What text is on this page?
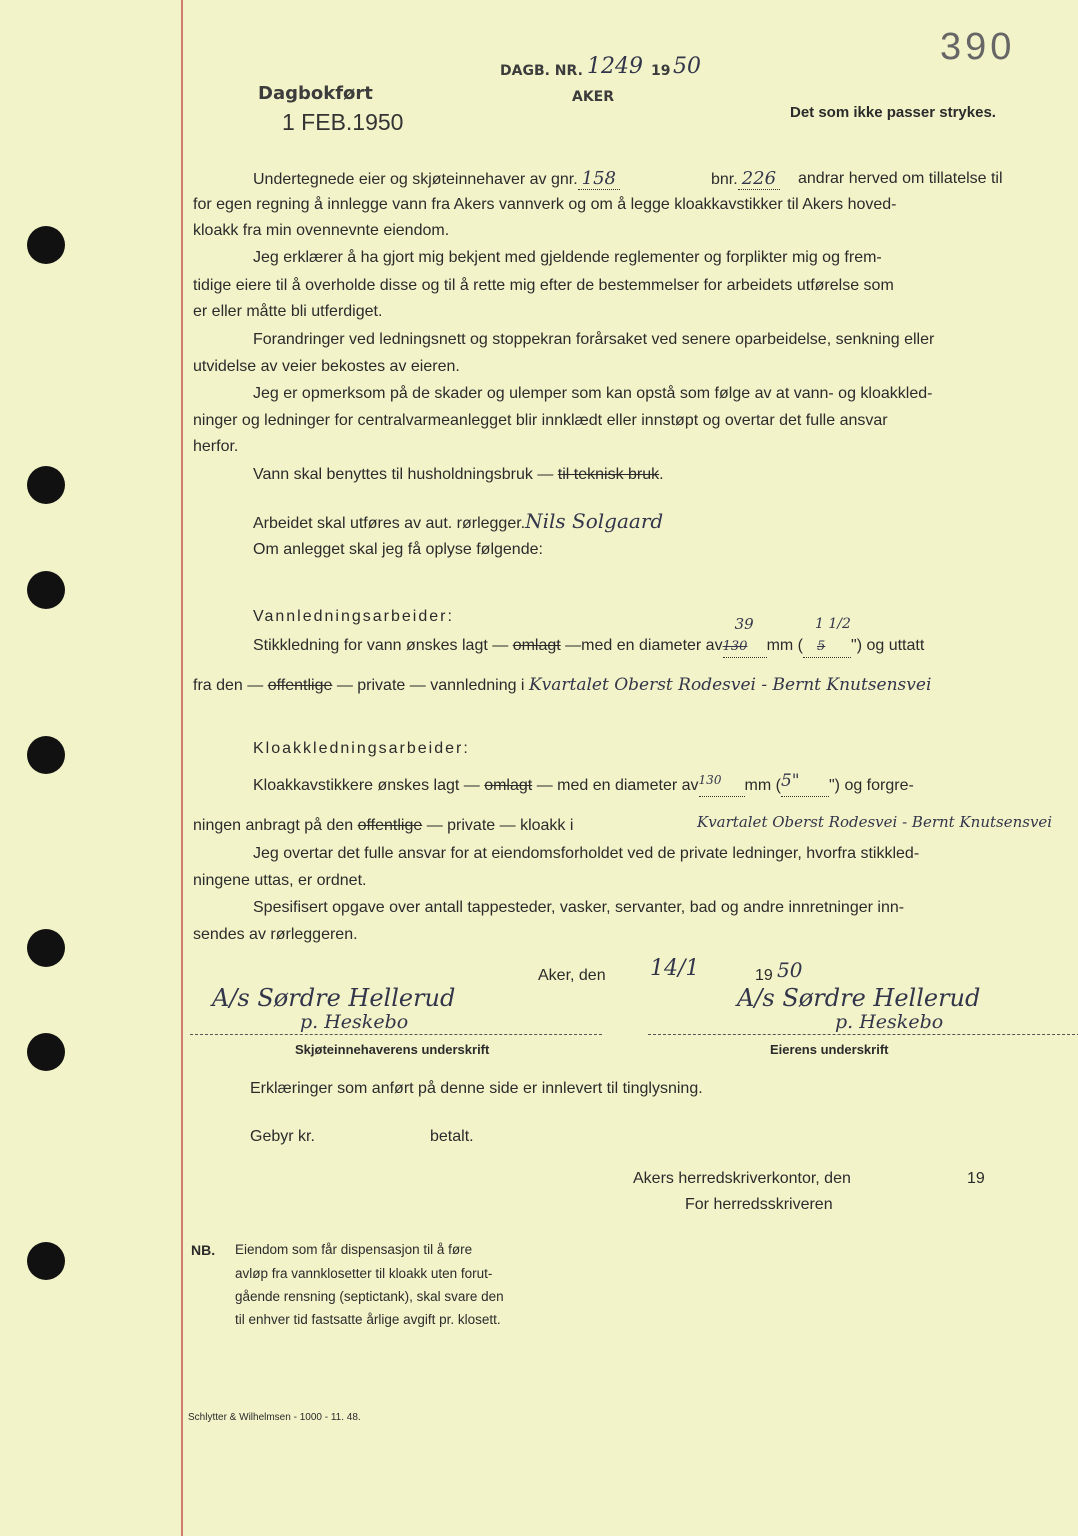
Dagbokført
1 FEB.1950
DAGB. NR. 1249 19 50
AKER
390
Det som ikke passer strykes.
Undertegnede eier og skjøteinnehaver av gnr. 158	bnr. 226 andrar herved om tillatelse til
for egen regning å innlegge vann fra Akers vannverk og om å legge kloakkavstikker til Akers hoved-
kloakk fra min ovennevnte eiendom.
Jeg erklærer å ha gjort mig bekjent med gjeldende reglementer og forplikter mig og frem-
tidige eiere til å overholde disse og til å rette mig efter de bestemmelser for arbeidets utførelse som
er eller måtte bli utferdiget.
Forandringer ved ledningsnett og stoppekran forårsaket ved senere oparbeidelse, senkning eller
utvidelse av veier bekostes av eieren.
Jeg er opmerksom på de skader og ulemper som kan opstå som følge av at vann- og kloakkled-
ninger og ledninger for centralvarmeanlegget blir innklædt eller innstøpt og overtar det fulle ansvar
herfor.
Vann skal benyttes til husholdningsbruk — til teknisk bruk.
Arbeidet skal utføres av aut. rørlegger.Nils Solgaard
Om anlegget skal jeg få oplyse følgende:
Vannledningsarbeider:
Stikkledning for vann ønskes lagt — omlagt —med en diameter av
39
130 mm (
1 1/2
5 ") og uttatt
fra den — offentlige — private — vannledning i Kvartalet Oberst Rodesvei - Bernt Knutsensvei
Kloakkledningsarbeider:
Kloakkavstikkere ønskes lagt — omlagt — med en diameter $av^{130}$ mm (5" ") og forgre-
ningen anbragt på den offentlige — private — kloakk i	Kvartalet Oberst Rodesvei - Bernt Knutsensvei
Jeg overtar det fulle ansvar for at eiendomsforholdet ved de private ledninger, hvorfra stikkled-
ningene uttas, er ordnet.
Spesifisert opgave over antall tappesteder, vasker, servanter, bad og andre innretninger inn-
sendes av rørleggeren.
Aker, den 14/1	19 50
A/s Sørdre Hellerud
p. Heskebo
Skjøteinnehaverens underskrift
A/s Sørdre Hellerud
p. Heskebo
Eierens underskrift
Erklæringer som anført på denne side er innlevert til tinglysning.
Gebyr kr.	betalt.
Akers herredskriverkontor, den	19
For herredsskriveren
NB. Eiendom som får dispensasjon til å føre
avløp fra vannklosetter til kloakk uten forut-
gående rensning (septictank), skal svare den
til enhver tid fastsatte årlige avgift pr. klosett.
Schlytter & Wilhelmsen - 1000 - 11. 48.
